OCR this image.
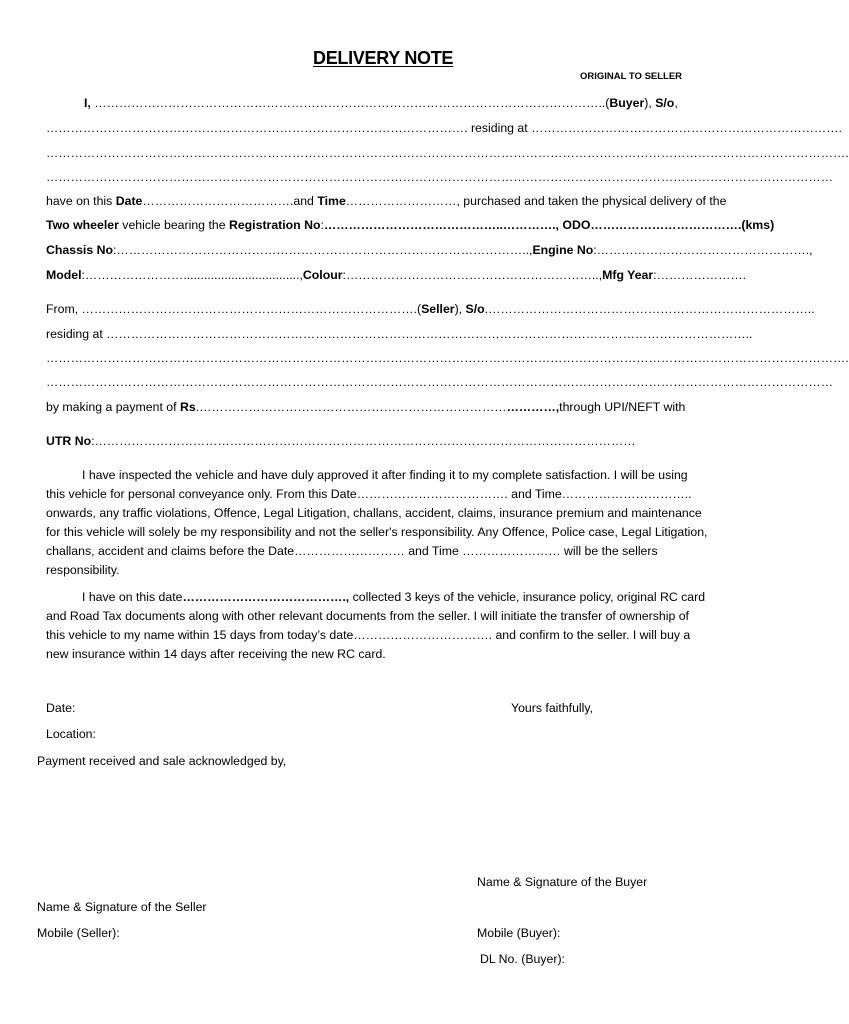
DELIVERY NOTE
ORIGINAL TO SELLER
I, ……………………………………………………………………………………………………………..(Buyer), S/o,
…………………………………………………………………………………………. residing at ………………………………………………………………….
…………………………………………………………………………………………………………………………………………………………………………….
…………………………………………………………………………………………………………………………………………………………………………
have on this Date……………………………….and Time………………………, purchased and taken the physical delivery of the
Two wheeler vehicle bearing the Registration No:……………………………………..…………., ODO……………………………….(kms)
Chassis No:………………………………………………………………………………………..,Engine No:…………………………………………….,
Model:……………………..................................,Colour:……………………………………………………..,Mfg Year:………………….
From, ……………………………………………………………………….(Seller), S/o.……………………………………………………………………..
residing at …………………………………………………………………………………………………………………………………………..
…………………………………………………………………………………………………………………………………………………………………………….
…………………………………………………………………………………………………………………………………………………………………………
by making a payment of Rs.……………………………………………………………………………,through UPI/NEFT with
UTR No:……………………………………………………………………………………………………………………
I have inspected the vehicle and have duly approved it after finding it to my complete satisfaction. I will be using this vehicle for personal conveyance only. From this Date………………………………. and Time………………………….. onwards, any traffic violations, Offence, Legal Litigation, challans, accident, claims, insurance premium and maintenance for this vehicle will solely be my responsibility and not the seller's responsibility. Any Offence, Police case, Legal Litigation, challans, accident and claims before the Date……………………… and Time …………………… will be the sellers responsibility.
I have on this date…………………………………., collected 3 keys of the vehicle, insurance policy, original RC card and Road Tax documents along with other relevant documents from the seller. I will initiate the transfer of ownership of this vehicle to my name within 15 days from today’s date……………………………. and confirm to the seller. I will buy a new insurance within 14 days after receiving the new RC card.
Date:	Yours faithfully,
Location:
Payment received and sale acknowledged by,
Name & Signature of the Buyer
Name & Signature of the Seller
Mobile (Seller):	Mobile (Buyer):
DL No. (Buyer):
